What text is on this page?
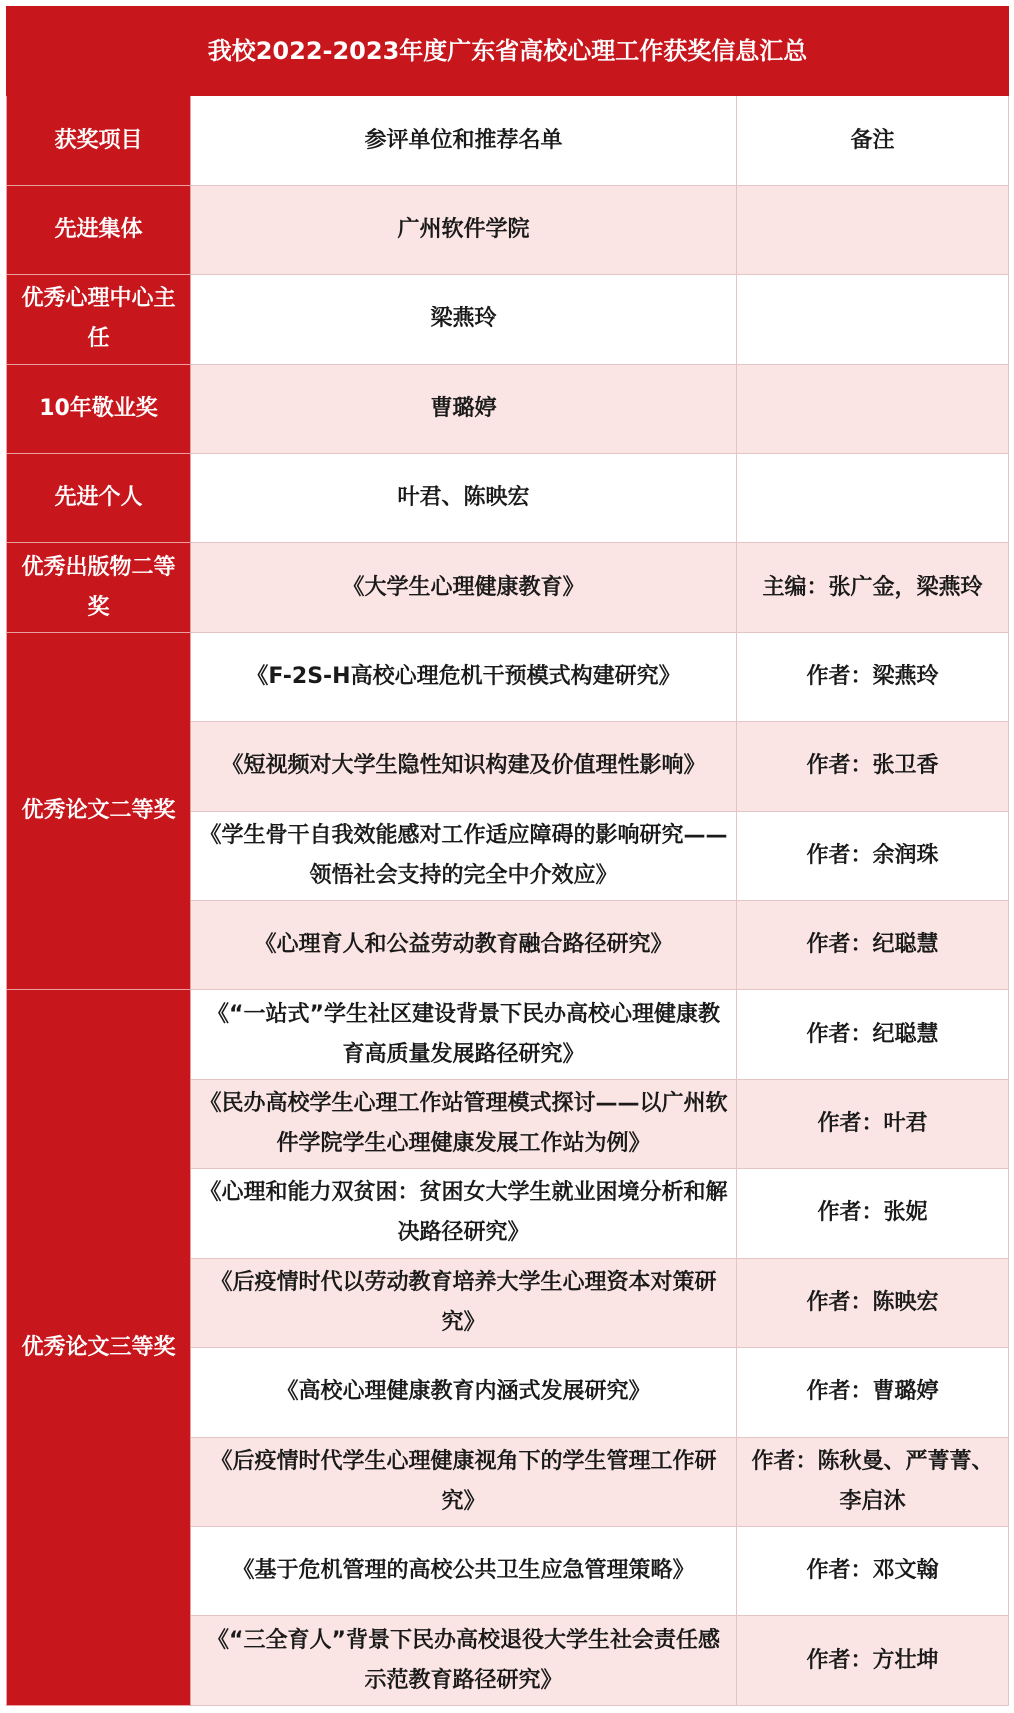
我校2022-2023年度广东省高校心理工作获奖信息汇总		
获奖项目	参评单位和推荐名单	备注
先进集体	广州软件学院	
优秀心理中心主任	梁燕玲	
10年敬业奖	曹璐婷	
先进个人	叶君、陈映宏	
优秀出版物二等奖	《大学生心理健康教育》	主编：张广金，梁燕玲
优秀论文二等奖	《F-2S-H高校心理危机干预模式构建研究》	作者：梁燕玲
	《短视频对大学生隐性知识构建及价值理性影响》	作者：张卫香
	《学生骨干自我效能感对工作适应障碍的影响研究——领悟社会支持的完全中介效应》	作者：余润珠
	《心理育人和公益劳动教育融合路径研究》	作者：纪聪慧
优秀论文三等奖	《“一站式”学生社区建设背景下民办高校心理健康教育高质量发展路径研究》	作者：纪聪慧
	《民办高校学生心理工作站管理模式探讨——以广州软件学院学生心理健康发展工作站为例》	作者：叶君
	《心理和能力双贫困：贫困女大学生就业困境分析和解决路径研究》	作者：张妮
	《后疫情时代以劳动教育培养大学生心理资本对策研究》	作者：陈映宏
	《高校心理健康教育内涵式发展研究》	作者：曹璐婷
	《后疫情时代学生心理健康视角下的学生管理工作研究》	作者：陈秋曼、严菁菁、李启沐
	《基于危机管理的高校公共卫生应急管理策略》	作者：邓文翰
	《“三全育人”背景下民办高校退役大学生社会责任感示范教育路径研究》	作者：方壮坤
